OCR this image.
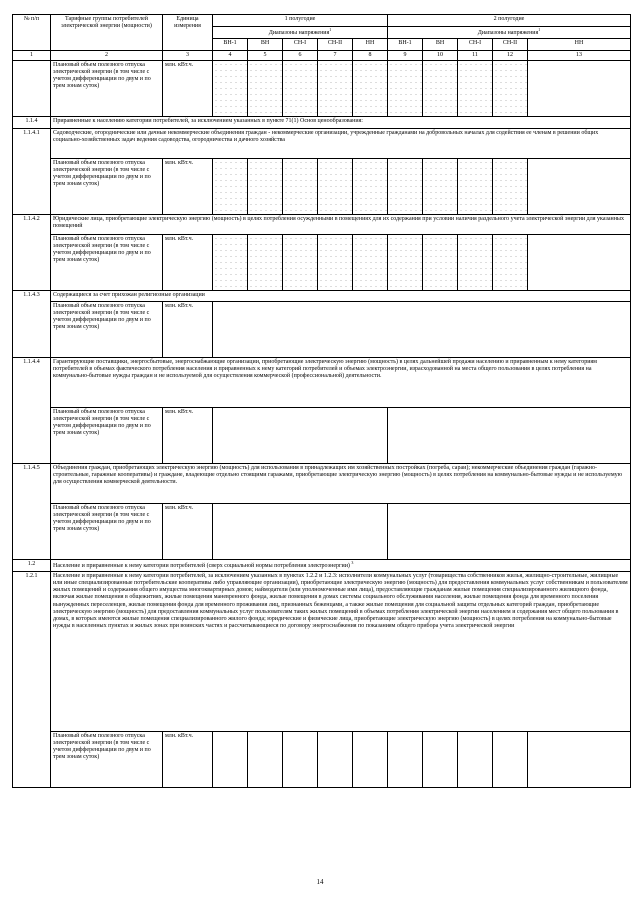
№ п/п	Тарифные группы потребителей электрической энергии (мощности)	Единица измерения	1 полугодие					2 полугодие				
			Диапазоны напряжения$^1$					Диапазоны напряжения$^1$
			ВН-1	ВН	СН-I	СН-II	НН	ВН-1	ВН	СН-I	СН-II	НН
1	2	3	4	5	6	7	8	9	10	11	12	13
	Плановый объем полезного отпуска электрической энергии (в том числе с учетом дифференциации по двум и по трем зонам суток)	млн. кВт.ч.										
1.1.4	Приравненные к населению категории потребителей, за исключением указанных в пункте 71(1) Основ ценообразования:											
1.1.4.1	Садоводческие, огороднические или дачные некоммерческие объединения граждан - некоммерческие организации, учрежденные гражданами на добровольных началах для содействия ее членам в решении общих социально-хозяйственных задач ведения садоводства, огородничества и дачного хозяйства											
	Плановый объем полезного отпуска электрической энергии (в том числе с учетом дифференциации по двум и по трем зонам суток)	млн. кВт.ч.										
1.1.4.2	Юридические лица, приобретающие электрическую энергию (мощность) в целях потребления осужденными в помещениях для их содержания при условии наличия раздельного учета электрической энергии для указанных помещений											
	Плановый объем полезного отпуска электрической энергии (в том числе с учетом дифференциации по двум и по трем зонам суток)	млн. кВт.ч.										
1.1.4.3	Содержащиеся за счет прихожан религиозные организации											
	Плановый объем полезного отпуска электрической энергии (в том числе с учетом дифференциации по двум и по трем зонам суток)	млн. кВт.ч.										
1.1.4.4	Гарантирующие поставщики, энергосбытовые, энергоснабжающие организации, приобретающие электрическую энергию (мощность) в целях дальнейшей продажи населению и приравненным к нему категориям потребителей в объемах фактического потребления населения и приравненных к нему категорий потребителей и объемах электроэнергии, израсходованной на места общего пользования в целях потребления на коммунально-бытовые нужды граждан и не используемой для осуществления коммерческой (профессиональной) деятельности.											
	Плановый объем полезного отпуска электрической энергии (в том числе с учетом дифференциации по двум и по трем зонам суток)	млн. кВт.ч.										
1.1.4.5	Объединения граждан, приобретающих электрическую энергию (мощность) для использования в принадлежащих им хозяйственных постройках (погреба, сараи); некоммерческие объединения граждан (гаражно-строительные, гаражные кооперативы) и граждане, владеющие отдельно стоящими гаражами, приобретающие электрическую энергию (мощность) в целях потребления на коммунально-бытовые нужды и не используемую для осуществления коммерческой деятельности.											
	Плановый объем полезного отпуска электрической энергии (в том числе с учетом дифференциации по двум и по трем зонам суток)	млн. кВт.ч.										
1.2	Население и приравненные к нему категории потребителей (сверх социальной нормы потребления электроэнергии) $^3$
1.2.1	Население и приравненные к нему категории потребителей, за исключением указанных в пунктах 1.2.2 и 1.2.3: исполнители коммунальных услуг (товарищества собственников жилья, жилищно-строительные, жилищные или иные специализированные потребительские кооперативы либо управляющие организации), приобретающие электрическую энергию (мощность) для предоставления коммунальных услуг собственникам и пользователям жилых помещений и содержания общего имущества многоквартирных домов; наймодатели (или уполномоченные ими лица), предоставляющие гражданам жилые помещения специализированного жилищного фонда, включая жилые помещения в общежитиях, жилые помещения маневренного фонда, жилые помещения в домах системы социального обслуживания населения, жилые помещения фонда для временного поселения вынужденных переселенцев, жилые помещения фонда для временного проживания лиц, признанных беженцами, а также жилые помещения для социальной защиты отдельных категорий граждан, приобретающие электрическую энергию (мощность) для предоставления коммунальных услуг пользователям таких жилых помещений в объемах потребления электрической энергии населением и содержания мест общего пользования в домах, в которых имеются жилые помещения специализированного жилого фонда; юридические и физические лица, приобретающие электрическую энергию (мощность) в целях потребления на коммунально-бытовые нужды в населенных пунктах и жилых зонах при воинских частях и рассчитывающиеся по договору энергоснабжения по показаниям общего прибора учета электрической энергии											
	Плановый объем полезного отпуска электрической энергии (в том числе с учетом дифференциации по двум и по трем зонам суток)	млн. кВт.ч.										
14
